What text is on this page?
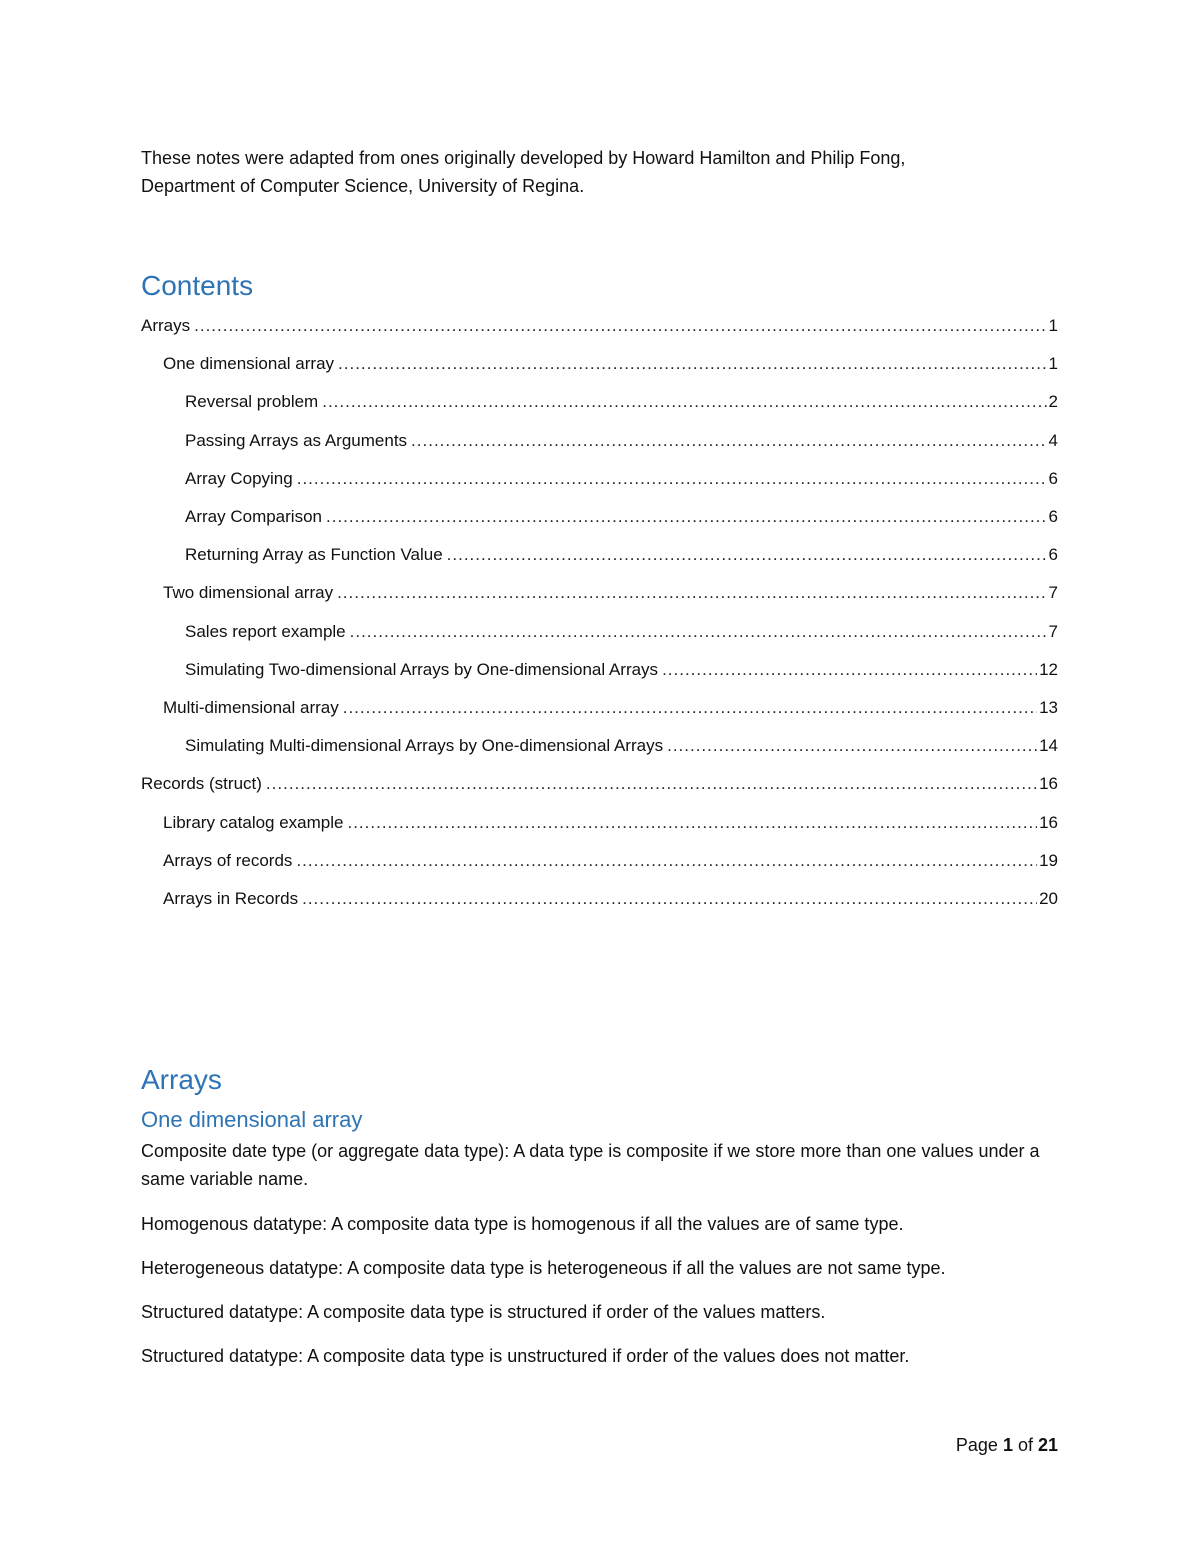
These notes were adapted from ones originally developed by Howard Hamilton and Philip Fong,
Department of Computer Science, University of Regina.

Contents
Arrays .....	1
One dimensional array .....	1
Reversal problem .....	2
Passing Arrays as Arguments .....	4
Array Copying .....	6
Array Comparison .....	6
Returning Array as Function Value .....	6
Two dimensional array .....	7
Sales report example .....	7
Simulating Two-dimensional Arrays by One-dimensional Arrays .....	12
Multi-dimensional array .....	13
Simulating Multi-dimensional Arrays by One-dimensional Arrays .....	14
Records (struct) .....	16
Library catalog example .....	16
Arrays of records .....	19
Arrays in Records .....	20
Arrays
One dimensional array

Composite date type (or aggregate data type): A data type is composite if we store more than one values under a same variable name.

Homogenous datatype: A composite data type is homogenous if all the values are of same type.

Heterogeneous datatype: A composite data type is heterogeneous if all the values are not same type.

Structured datatype: A composite data type is structured if order of the values matters.

Structured datatype: A composite data type is unstructured if order of the values does not matter.

Page 1 of 21
